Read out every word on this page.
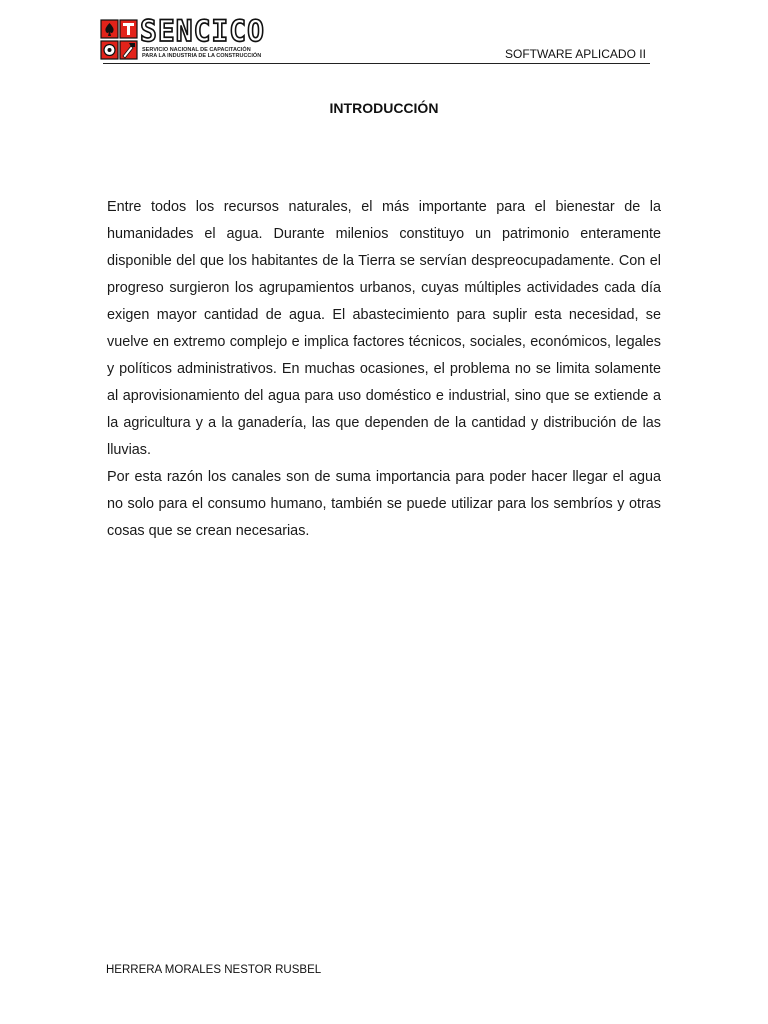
SENCICO
SERVICIO NACIONAL DE CAPACITACIÓN
PARA LA INDUSTRIA DE LA CONSTRUCCIÓN	SOFTWARE APLICADO II
INTRODUCCIÓN

Entre todos los recursos naturales, el más importante para el bienestar de la humanidades el agua. Durante milenios constituyo un patrimonio enteramente disponible del que los habitantes de la Tierra se servían despreocupadamente. Con el progreso surgieron los agrupamientos urbanos, cuyas múltiples actividades cada día exigen mayor cantidad de agua. El abastecimiento para suplir esta necesidad, se vuelve en extremo complejo e implica factores técnicos, sociales, económicos, legales y políticos administrativos. En muchas ocasiones, el problema no se limita solamente al aprovisionamiento del agua para uso doméstico e industrial, sino que se extiende a la agricultura y a la ganadería, las que dependen de la cantidad y distribución de las lluvias.

Por esta razón los canales son de suma importancia para poder hacer llegar el agua no solo para el consumo humano, también se puede utilizar para los sembríos y otras cosas que se crean necesarias.

HERRERA MORALES NESTOR RUSBEL
